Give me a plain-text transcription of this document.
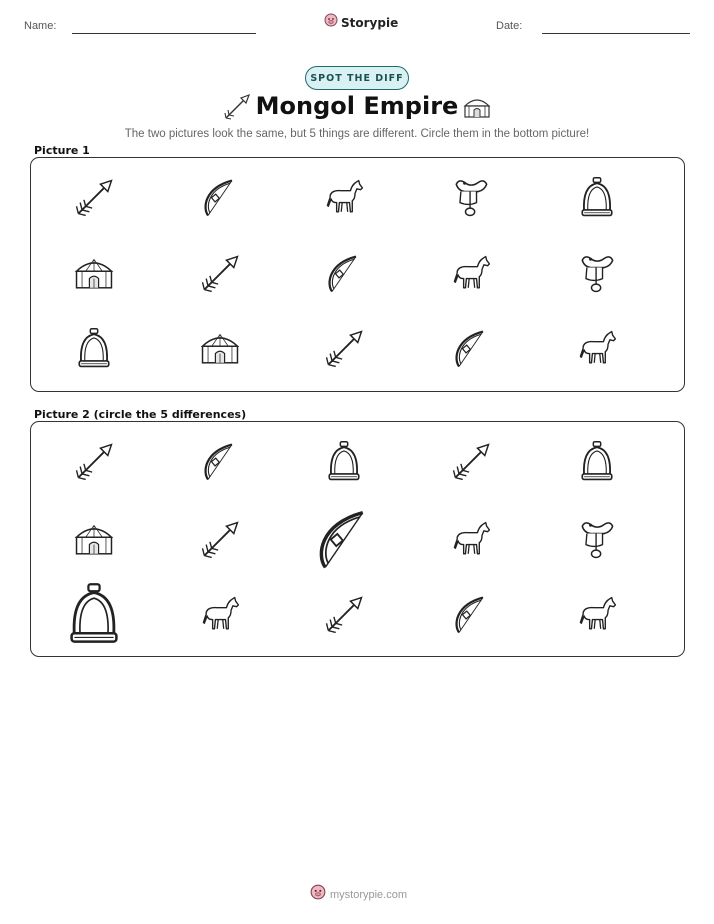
Name:	Storypie	Date:
SPOT THE DIFF
Mongol Empire
The two pictures look the same, but 5 things are different. Circle them in the bottom picture!
Picture 1
Picture 2 (circle the 5 differences)
mystorypie.com
